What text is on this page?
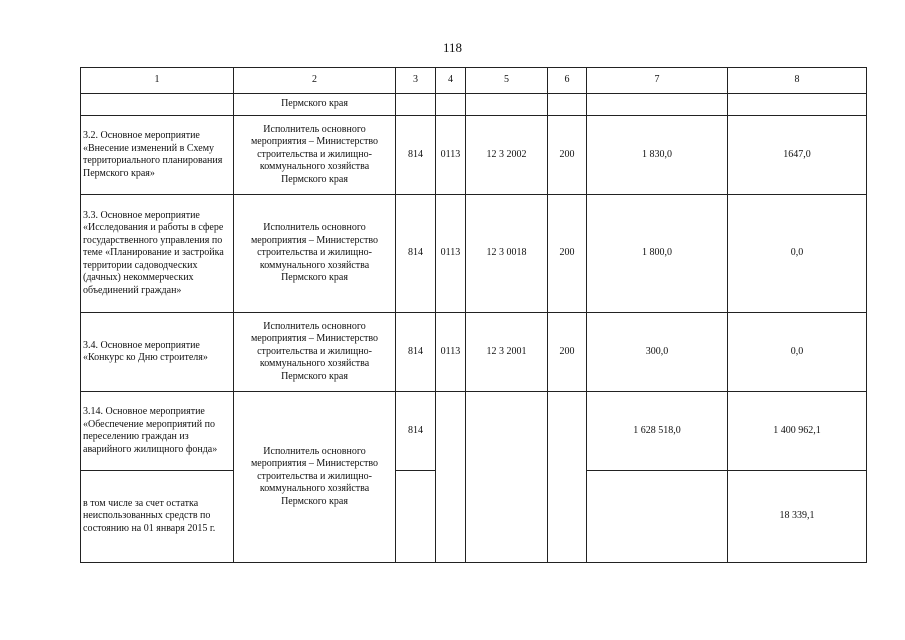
118
1	2	3	4	5	6	7	8
	Пермского края						
3.2. Основное мероприятие «Внесение изменений в Схему территориального планирования Пермского края»	Исполнитель основного мероприятия – Министерство строительства и жилищно-коммунального хозяйства Пермского края	814	0113	12 3 2002	200	1 830,0	1647,0
3.3. Основное мероприятие «Исследования и работы в сфере государственного управления по теме «Планирование и застройка территории садоводческих (дачных) некоммерческих объединений граждан»	Исполнитель основного мероприятия – Министерство строительства и жилищно-коммунального хозяйства Пермского края	814	0113	12 3 0018	200	1 800,0	0,0
3.4. Основное мероприятие «Конкурс ко Дню строителя»	Исполнитель основного мероприятия – Министерство строительства и жилищно-коммунального хозяйства Пермского края	814	0113	12 3 2001	200	300,0	0,0
3.14. Основное мероприятие «Обеспечение мероприятий по переселению граждан из аварийного жилищного фонда»	Исполнитель основного мероприятия – Министерство строительства и жилищно-коммунального хозяйства Пермского края	814				1 628 518,0	1 400 962,1
в том числе за счет остатка неиспользованных средств по состоянию на 01 января 2015 г.							18 339,1
